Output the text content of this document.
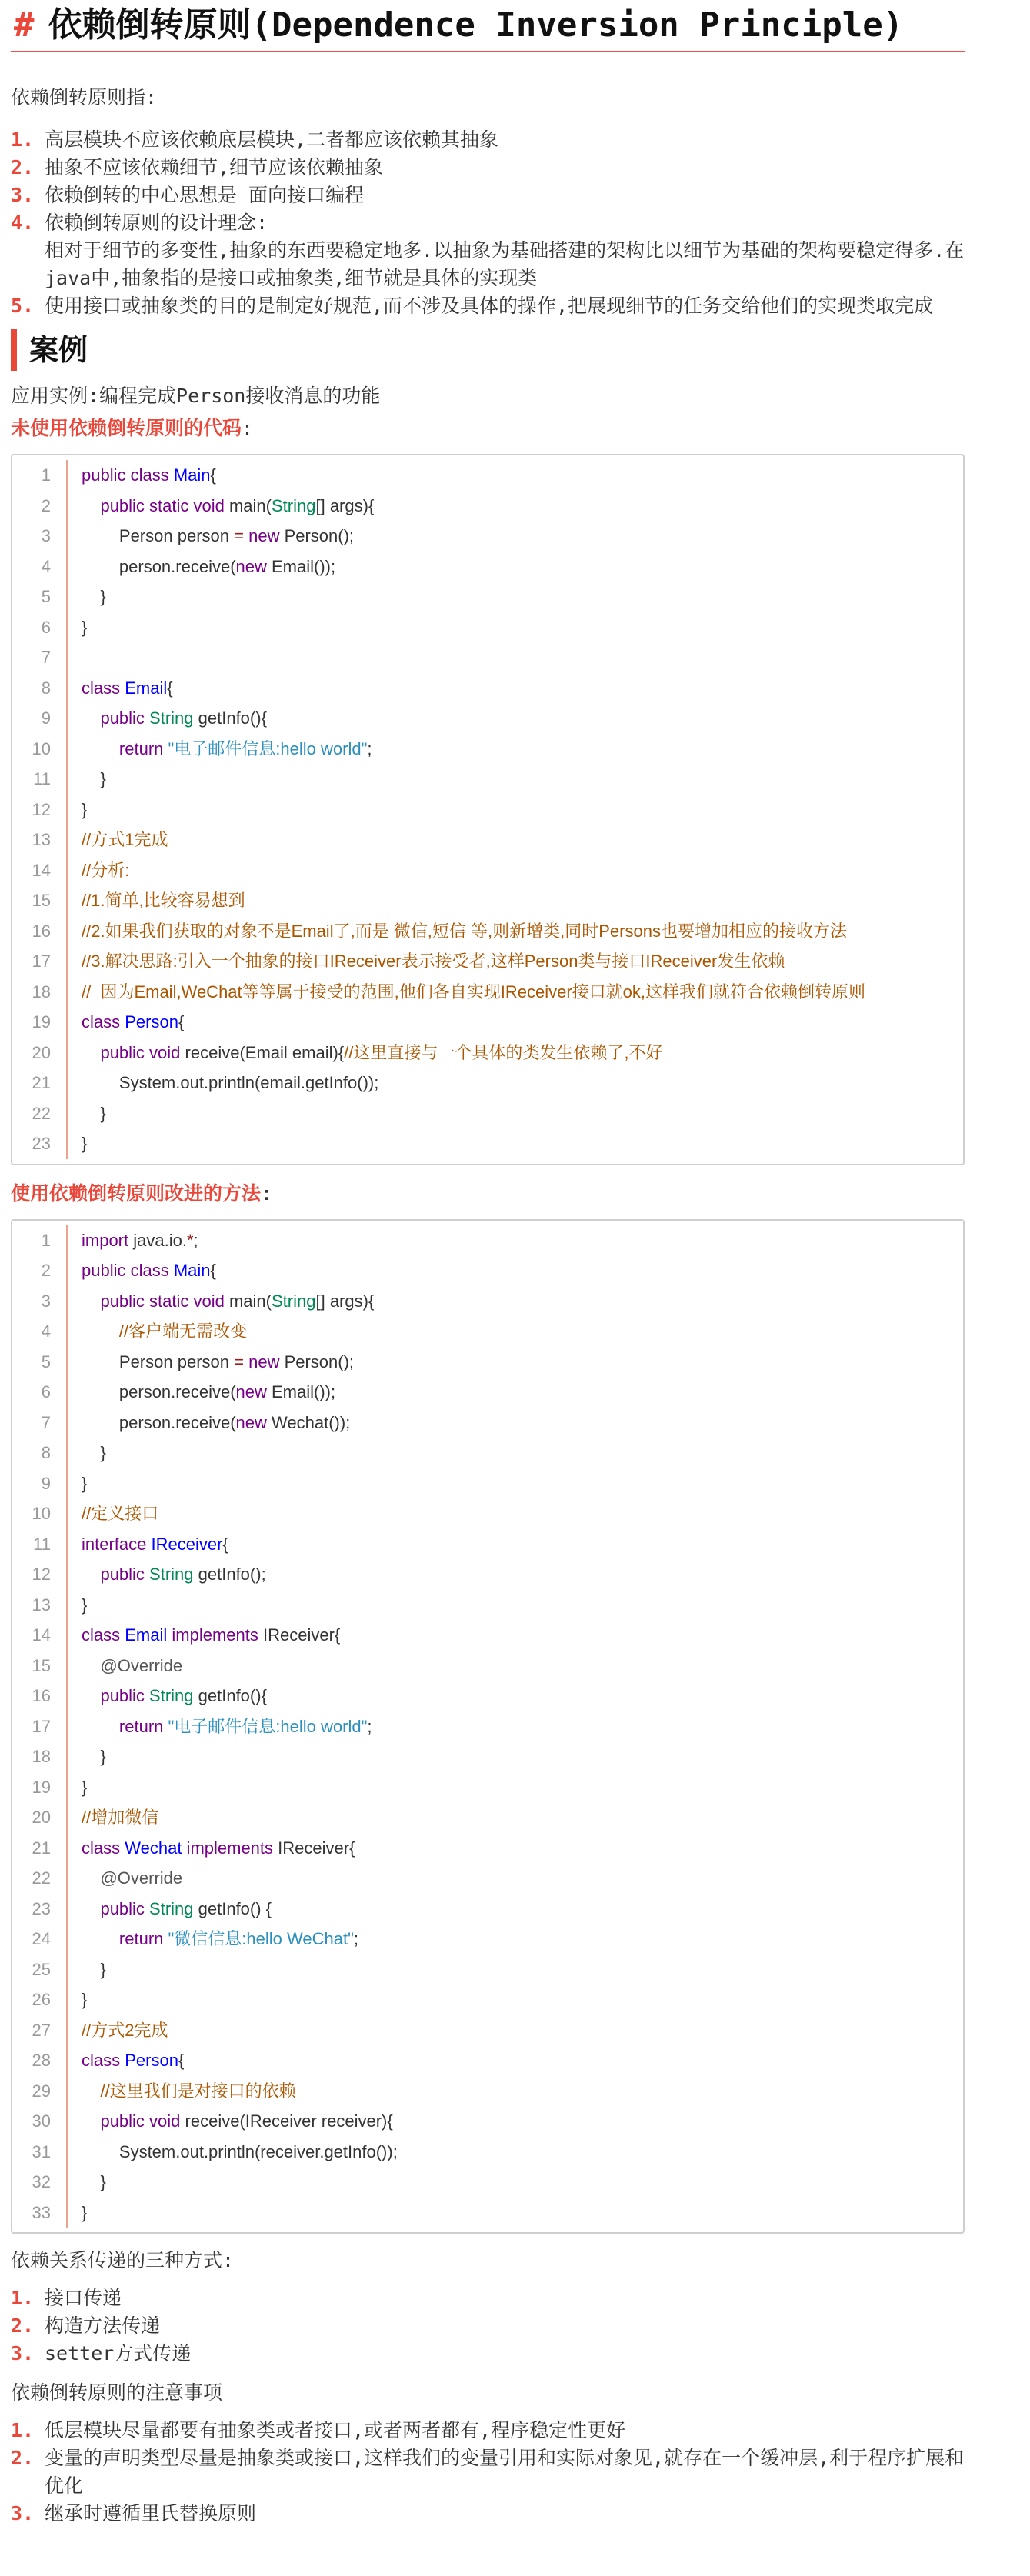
# 依赖倒转原则(Dependence Inversion Principle)

依赖倒转原则指:

1. 高层模块不应该依赖底层模块,二者都应该依赖其抽象
2. 抽象不应该依赖细节,细节应该依赖抽象
3. 依赖倒转的中心思想是 面向接口编程
4. 依赖倒转原则的设计理念:
相对于细节的多变性,抽象的东西要稳定地多.以抽象为基础搭建的架构比以细节为基础的架构要稳定得多.在java中,抽象指的是接口或抽象类,细节就是具体的实现类
5. 使用接口或抽象类的目的是制定好规范,而不涉及具体的操作,把展现细节的任务交给他们的实现类取完成
案例

应用实例:编程完成Person接收消息的功能

未使用依赖倒转原则的代码:

1	public class Main{
2	public static void main(String[] args){
3	Person person = new Person();
4	person.receive(new Email());
5	}
6	}
7
8	class Email{
9	public String getInfo(){
10	return "电子邮件信息:hello world";
11	}
12	}
13	//方式1完成
14	//分析:
15	//1.简单,比较容易想到
16	//2.如果我们获取的对象不是Email了,而是 微信,短信 等,则新增类,同时Persons也要增加相应的接收方法
17	//3.解决思路:引入一个抽象的接口IReceiver表示接受者,这样Person类与接口IReceiver发生依赖
18	//  因为Email,WeChat等等属于接受的范围,他们各自实现IReceiver接口就ok,这样我们就符合依赖倒转原则
19	class Person{
20	public void receive(Email email){//这里直接与一个具体的类发生依赖了,不好
21	System.out.println(email.getInfo());
22	}
23	}

使用依赖倒转原则改进的方法:

1	import java.io.*;
2	public class Main{
3	public static void main(String[] args){
4	//客户端无需改变
5	Person person = new Person();
6	person.receive(new Email());
7	person.receive(new Wechat());
8	}
9	}
10	//定义接口
11	interface IReceiver{
12	public String getInfo();
13	}
14	class Email implements IReceiver{
15	@Override
16	public String getInfo(){
17	return "电子邮件信息:hello world";
18	}
19	}
20	//增加微信
21	class Wechat implements IReceiver{
22	@Override
23	public String getInfo() {
24	return "微信信息:hello WeChat";
25	}
26	}
27	//方式2完成
28	class Person{
29	//这里我们是对接口的依赖
30	public void receive(IReceiver receiver){
31	System.out.println(receiver.getInfo());
32	}
33	}

依赖关系传递的三种方式:

1. 接口传递
2. 构造方法传递
3. setter方式传递

依赖倒转原则的注意事项

1. 低层模块尽量都要有抽象类或者接口,或者两者都有,程序稳定性更好
2. 变量的声明类型尽量是抽象类或接口,这样我们的变量引用和实际对象见,就存在一个缓冲层,利于程序扩展和优化
3. 继承时遵循里氏替换原则
